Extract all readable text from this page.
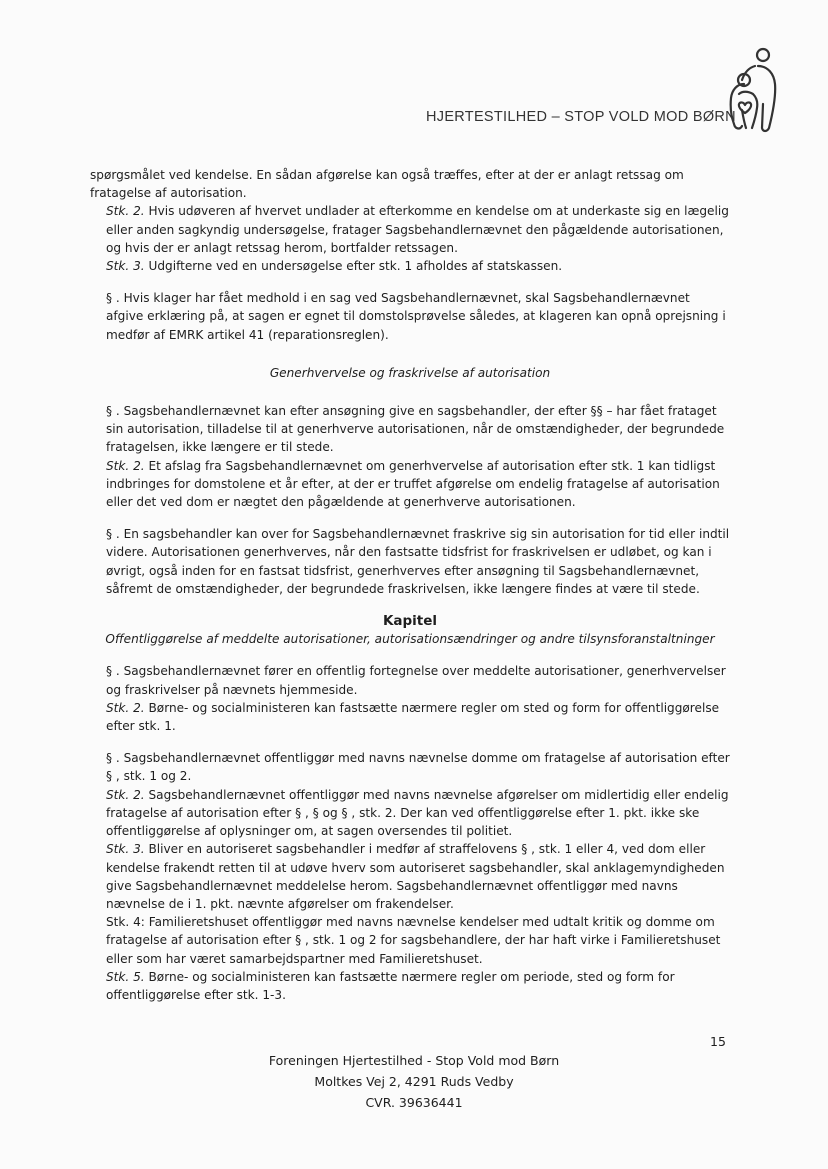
HJERTESTILHED – STOP VOLD MOD BØRN

spørgsmålet ved kendelse. En sådan afgørelse kan også træffes, efter at der er anlagt retssag om fratagelse af autorisation.

Stk. 2. Hvis udøveren af hvervet undlader at efterkomme en kendelse om at underkaste sig en lægelig eller anden sagkyndig undersøgelse, fratager Sagsbehandlernævnet den pågældende autorisationen, og hvis der er anlagt retssag herom, bortfalder retssagen.

Stk. 3. Udgifterne ved en undersøgelse efter stk. 1 afholdes af statskassen.

§ . Hvis klager har fået medhold i en sag ved Sagsbehandlernævnet, skal Sagsbehandlernævnet afgive erklæring på, at sagen er egnet til domstolsprøvelse således, at klageren kan opnå oprejsning i medfør af EMRK artikel 41 (reparationsreglen).

Generhvervelse og fraskrivelse af autorisation

§ . Sagsbehandlernævnet kan efter ansøgning give en sagsbehandler, der efter §§ – har fået frataget sin autorisation, tilladelse til at generhverve autorisationen, når de omstændigheder, der begrundede fratagelsen, ikke længere er til stede.

Stk. 2. Et afslag fra Sagsbehandlernævnet om generhvervelse af autorisation efter stk. 1 kan tidligst indbringes for domstolene et år efter, at der er truffet afgørelse om endelig fratagelse af autorisation eller det ved dom er nægtet den pågældende at generhverve autorisationen.

§ . En sagsbehandler kan over for Sagsbehandlernævnet fraskrive sig sin autorisation for tid eller indtil videre. Autorisationen generhverves, når den fastsatte tidsfrist for fraskrivelsen er udløbet, og kan i øvrigt, også inden for en fastsat tidsfrist, generhverves efter ansøgning til Sagsbehandlernævnet, såfremt de omstændigheder, der begrundede fraskrivelsen, ikke længere findes at være til stede.

Kapitel

Offentliggørelse af meddelte autorisationer, autorisationsændringer og andre tilsynsforanstaltninger

§ . Sagsbehandlernævnet fører en offentlig fortegnelse over meddelte autorisationer, generhvervelser og fraskrivelser på nævnets hjemmeside.

Stk. 2. Børne- og socialministeren kan fastsætte nærmere regler om sted og form for offentliggørelse efter stk. 1.

§ . Sagsbehandlernævnet offentliggør med navns nævnelse domme om fratagelse af autorisation efter § , stk. 1 og 2.

Stk. 2. Sagsbehandlernævnet offentliggør med navns nævnelse afgørelser om midlertidig eller endelig fratagelse af autorisation efter § , § og § , stk. 2. Der kan ved offentliggørelse efter 1. pkt. ikke ske offentliggørelse af oplysninger om, at sagen oversendes til politiet.

Stk. 3. Bliver en autoriseret sagsbehandler i medfør af straffelovens § , stk. 1 eller 4, ved dom eller kendelse frakendt retten til at udøve hverv som autoriseret sagsbehandler, skal anklagemyndigheden give Sagsbehandlernævnet meddelelse herom. Sagsbehandlernævnet offentliggør med navns nævnelse de i 1. pkt. nævnte afgørelser om frakendelser.

Stk. 4: Familieretshuset offentliggør med navns nævnelse kendelser med udtalt kritik og domme om fratagelse af autorisation efter § , stk. 1 og 2 for sagsbehandlere, der har haft virke i Familieretshuset eller som har været samarbejdspartner med Familieretshuset.

Stk. 5. Børne- og socialministeren kan fastsætte nærmere regler om periode, sted og form for offentliggørelse efter stk. 1-3.

15
Foreningen Hjertestilhed - Stop Vold mod Børn
Moltkes Vej 2, 4291 Ruds Vedby
CVR. 39636441
